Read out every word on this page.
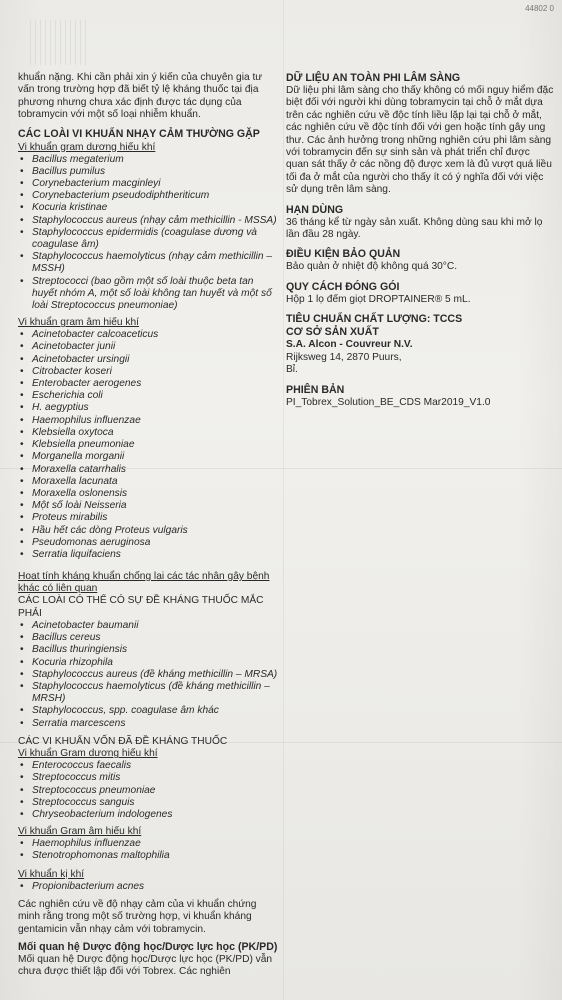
44802 0

khuẩn nặng. Khi cần phải xin ý kiến của chuyên gia tư vấn trong trường hợp đã biết tỷ lệ kháng thuốc tại địa phương nhưng chưa xác định được tác dụng của tobramycin với một số loại nhiễm khuẩn.

CÁC LOÀI VI KHUẨN NHẠY CẢM THƯỜNG GẶP

Vi khuẩn gram dương hiếu khí

• Bacillus megaterium
• Bacillus pumilus
• Corynebacterium macginleyi
• Corynebacterium pseudodiphtheriticum
• Kocuria kristinae
• Staphylococcus aureus (nhạy cảm methicillin - MSSA)
• Staphylococcus epidermidis (coagulase dương và coagulase âm)
• Staphylococcus haemolyticus (nhạy cảm methicillin – MSSH)
• Streptococci (bao gồm một số loài thuộc beta tan huyết nhóm A, một số loài không tan huyết và một số loài Streptococcus pneumoniae)

Vi khuẩn gram âm hiếu khí

• Acinetobacter calcoaceticus
• Acinetobacter junii
• Acinetobacter ursingii
• Citrobacter koseri
• Enterobacter aerogenes
• Escherichia coli
• H. aegyptius
• Haemophilus influenzae
• Klebsiella oxytoca
• Klebsiella pneumoniae
• Morganella morganii
• Moraxella catarrhalis
• Moraxella lacunata
• Moraxella oslonensis
• Một số loài Neisseria
• Proteus mirabilis
• Hầu hết các dòng Proteus vulgaris
• Pseudomonas aeruginosa
• Serratia liquifaciens

Hoạt tính kháng khuẩn chống lại các tác nhân gây bệnh khác có liên quan

CÁC LOÀI CÓ THỂ CÓ SỰ ĐỀ KHÁNG THUỐC MẮC PHẢI

• Acinetobacter baumanii
• Bacillus cereus
• Bacillus thuringiensis
• Kocuria rhizophila
• Staphylococcus aureus (đề kháng methicillin – MRSA)
• Staphylococcus haemolyticus (đề kháng methicillin –MRSH)
• Staphylococcus, spp. coagulase âm khác
• Serratia marcescens

CÁC VI KHUẨN VỐN ĐÃ ĐỀ KHÁNG THUỐC

Vi khuẩn Gram dương hiếu khí

• Enterococcus faecalis
• Streptococcus mitis
• Streptococcus pneumoniae
• Streptococcus sanguis
• Chryseobacterium indologenes

Vi khuẩn Gram âm hiếu khí

• Haemophilus influenzae
• Stenotrophomonas maltophilia

Vi khuẩn kị khí

• Propionibacterium acnes

Các nghiên cứu về độ nhạy cảm của vi khuẩn chứng minh rằng trong một số trường hợp, vi khuẩn kháng gentamicin vẫn nhạy cảm với tobramycin.

Mối quan hệ Dược động học/Dược lực học (PK/PD)

Mối quan hệ Dược động học/Dược lực học (PK/PD) vẫn chưa được thiết lập đối với Tobrex. Các nghiên

DỮ LIỆU AN TOÀN PHI LÂM SÀNG

Dữ liệu phi lâm sàng cho thấy không có mối nguy hiểm đặc biệt đối với người khi dùng tobramycin tại chỗ ở mắt dựa trên các nghiên cứu về độc tính liều lặp lại tại chỗ ở mắt, các nghiên cứu về độc tính đối với gen hoặc tính gây ung thư. Các ảnh hưởng trong những nghiên cứu phi lâm sàng với tobramycin đến sự sinh sản và phát triển chỉ được quan sát thấy ở các nồng độ được xem là đủ vượt quá liều tối đa ở mắt của người cho thấy ít có ý nghĩa đối với việc sử dụng trên lâm sàng.

HẠN DÙNG

36 tháng kể từ ngày sản xuất. Không dùng sau khi mở lọ lần đầu 28 ngày.

ĐIỀU KIỆN BẢO QUẢN

Bảo quản ở nhiệt độ không quá 30°C.

QUY CÁCH ĐÓNG GÓI

Hộp 1 lọ đếm giọt DROPTAINER® 5 mL.

TIÊU CHUẨN CHẤT LƯỢNG: TCCS
CƠ SỞ SẢN XUẤT

S.A. Alcon - Couvreur N.V.

Rijksweg 14, 2870 Puurs,

Bỉ.

PHIÊN BẢN

PI_Tobrex_Solution_BE_CDS Mar2019_V1.0
